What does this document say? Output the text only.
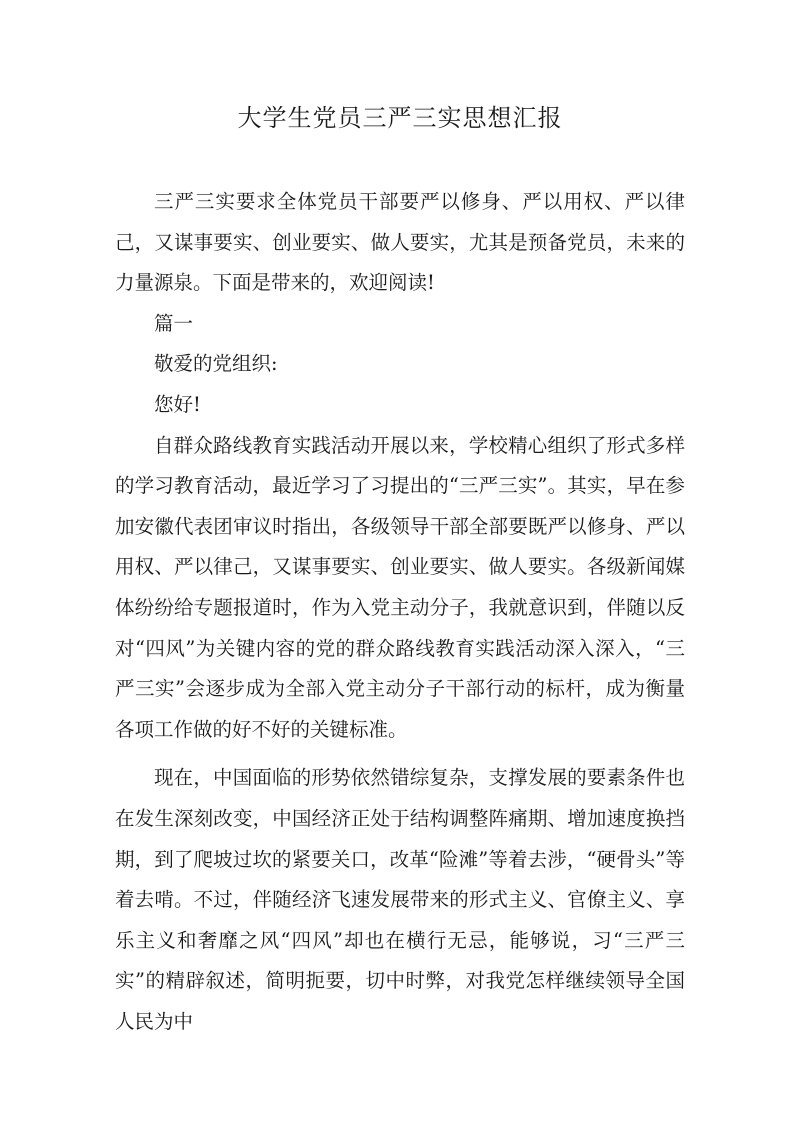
大学生党员三严三实思想汇报

三严三实要求全体党员干部要严以修身、严以用权、严以律己，又谋事要实、创业要实、做人要实，尤其是预备党员，未来的力量源泉。下面是带来的，欢迎阅读!

篇一

敬爱的党组织:

您好!

自群众路线教育实践活动开展以来，学校精心组织了形式多样的学习教育活动，最近学习了习提出的“三严三实”。其实，早在参加安徽代表团审议时指出，各级领导干部全部要既严以修身、严以用权、严以律己，又谋事要实、创业要实、做人要实。各级新闻媒体纷纷给专题报道时，作为入党主动分子，我就意识到，伴随以反对“四风”为关键内容的党的群众路线教育实践活动深入深入，“三严三实”会逐步成为全部入党主动分子干部行动的标杆，成为衡量各项工作做的好不好的关键标准。

现在，中国面临的形势依然错综复杂，支撑发展的要素条件也在发生深刻改变，中国经济正处于结构调整阵痛期、增加速度换挡期，到了爬坡过坎的紧要关口，改革“险滩”等着去涉，“硬骨头”等着去啃。不过，伴随经济飞速发展带来的形式主义、官僚主义、享乐主义和奢靡之风“四风”却也在横行无忌，能够说，习“三严三实”的精辟叙述，简明扼要，切中时弊，对我党怎样继续领导全国人民为中
